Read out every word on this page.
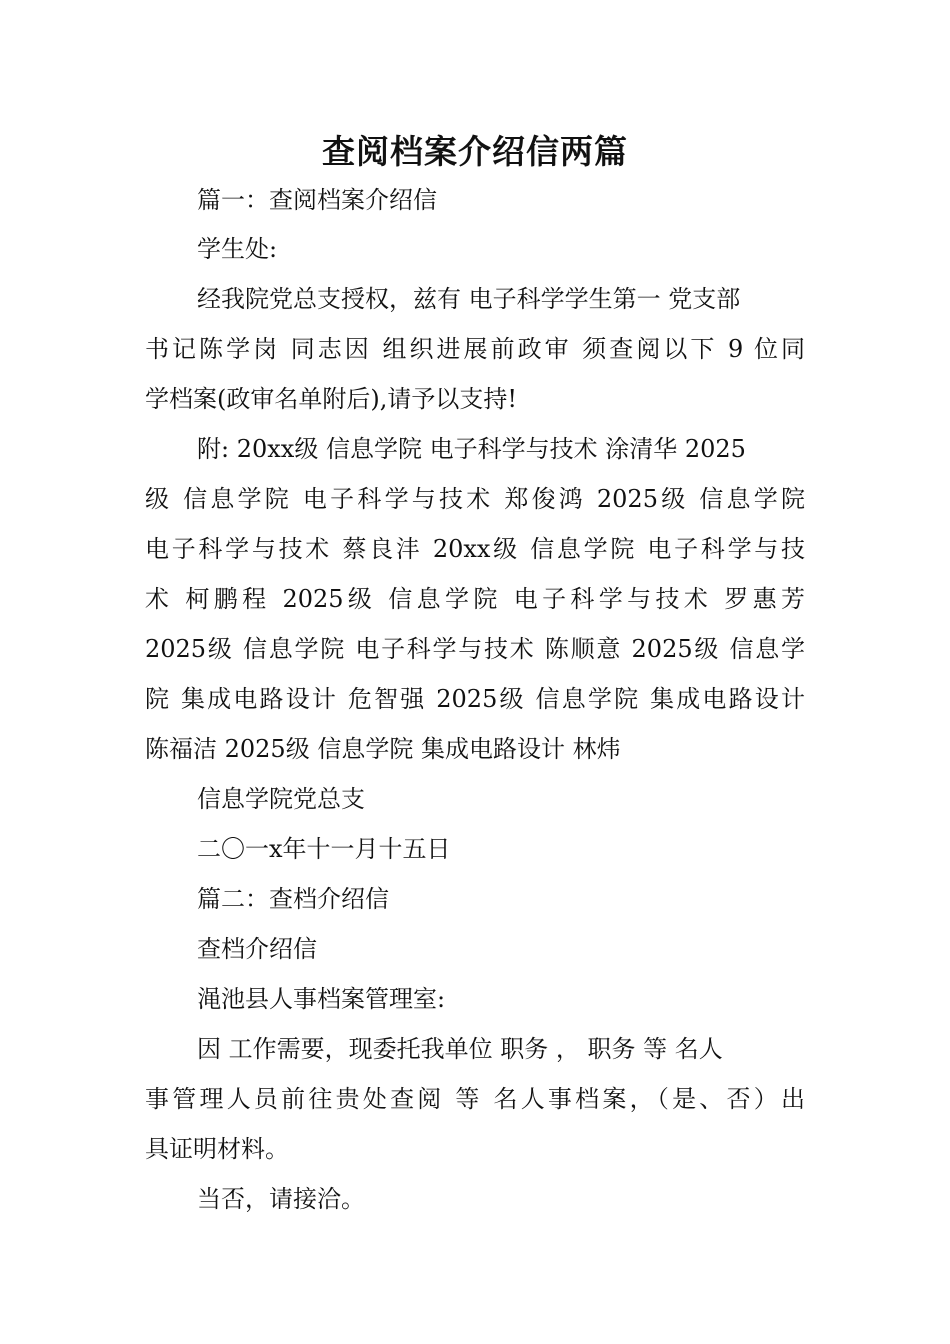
查阅档案介绍信两篇
篇一：查阅档案介绍信
学生处:
经我院党总支授权，兹有 电子科学学生第一 党支部
书记陈学岗 同志因 组织进展前政审 须查阅以下 9 位同
学档案(政审名单附后),请予以支持!
附: 20xx级 信息学院 电子科学与技术 涂清华 2025
级 信息学院 电子科学与技术 郑俊鸿 2025级 信息学院
电子科学与技术 蔡良沣 20xx级 信息学院 电子科学与技
术 柯鹏程 2025级 信息学院 电子科学与技术 罗惠芳
2025级 信息学院 电子科学与技术 陈顺意 2025级 信息学
院 集成电路设计 危智强 2025级 信息学院 集成电路设计
陈福洁 2025级 信息学院 集成电路设计 林炜
信息学院党总支
二〇一x年十一月十五日
篇二：查档介绍信
查档介绍信
渑池县人事档案管理室:
因 工作需要，现委托我单位 职务 ， 职务 等 名人
事管理人员前往贵处查阅 等 名人事档案，（是、否）出
具证明材料。
当否，请接洽。
